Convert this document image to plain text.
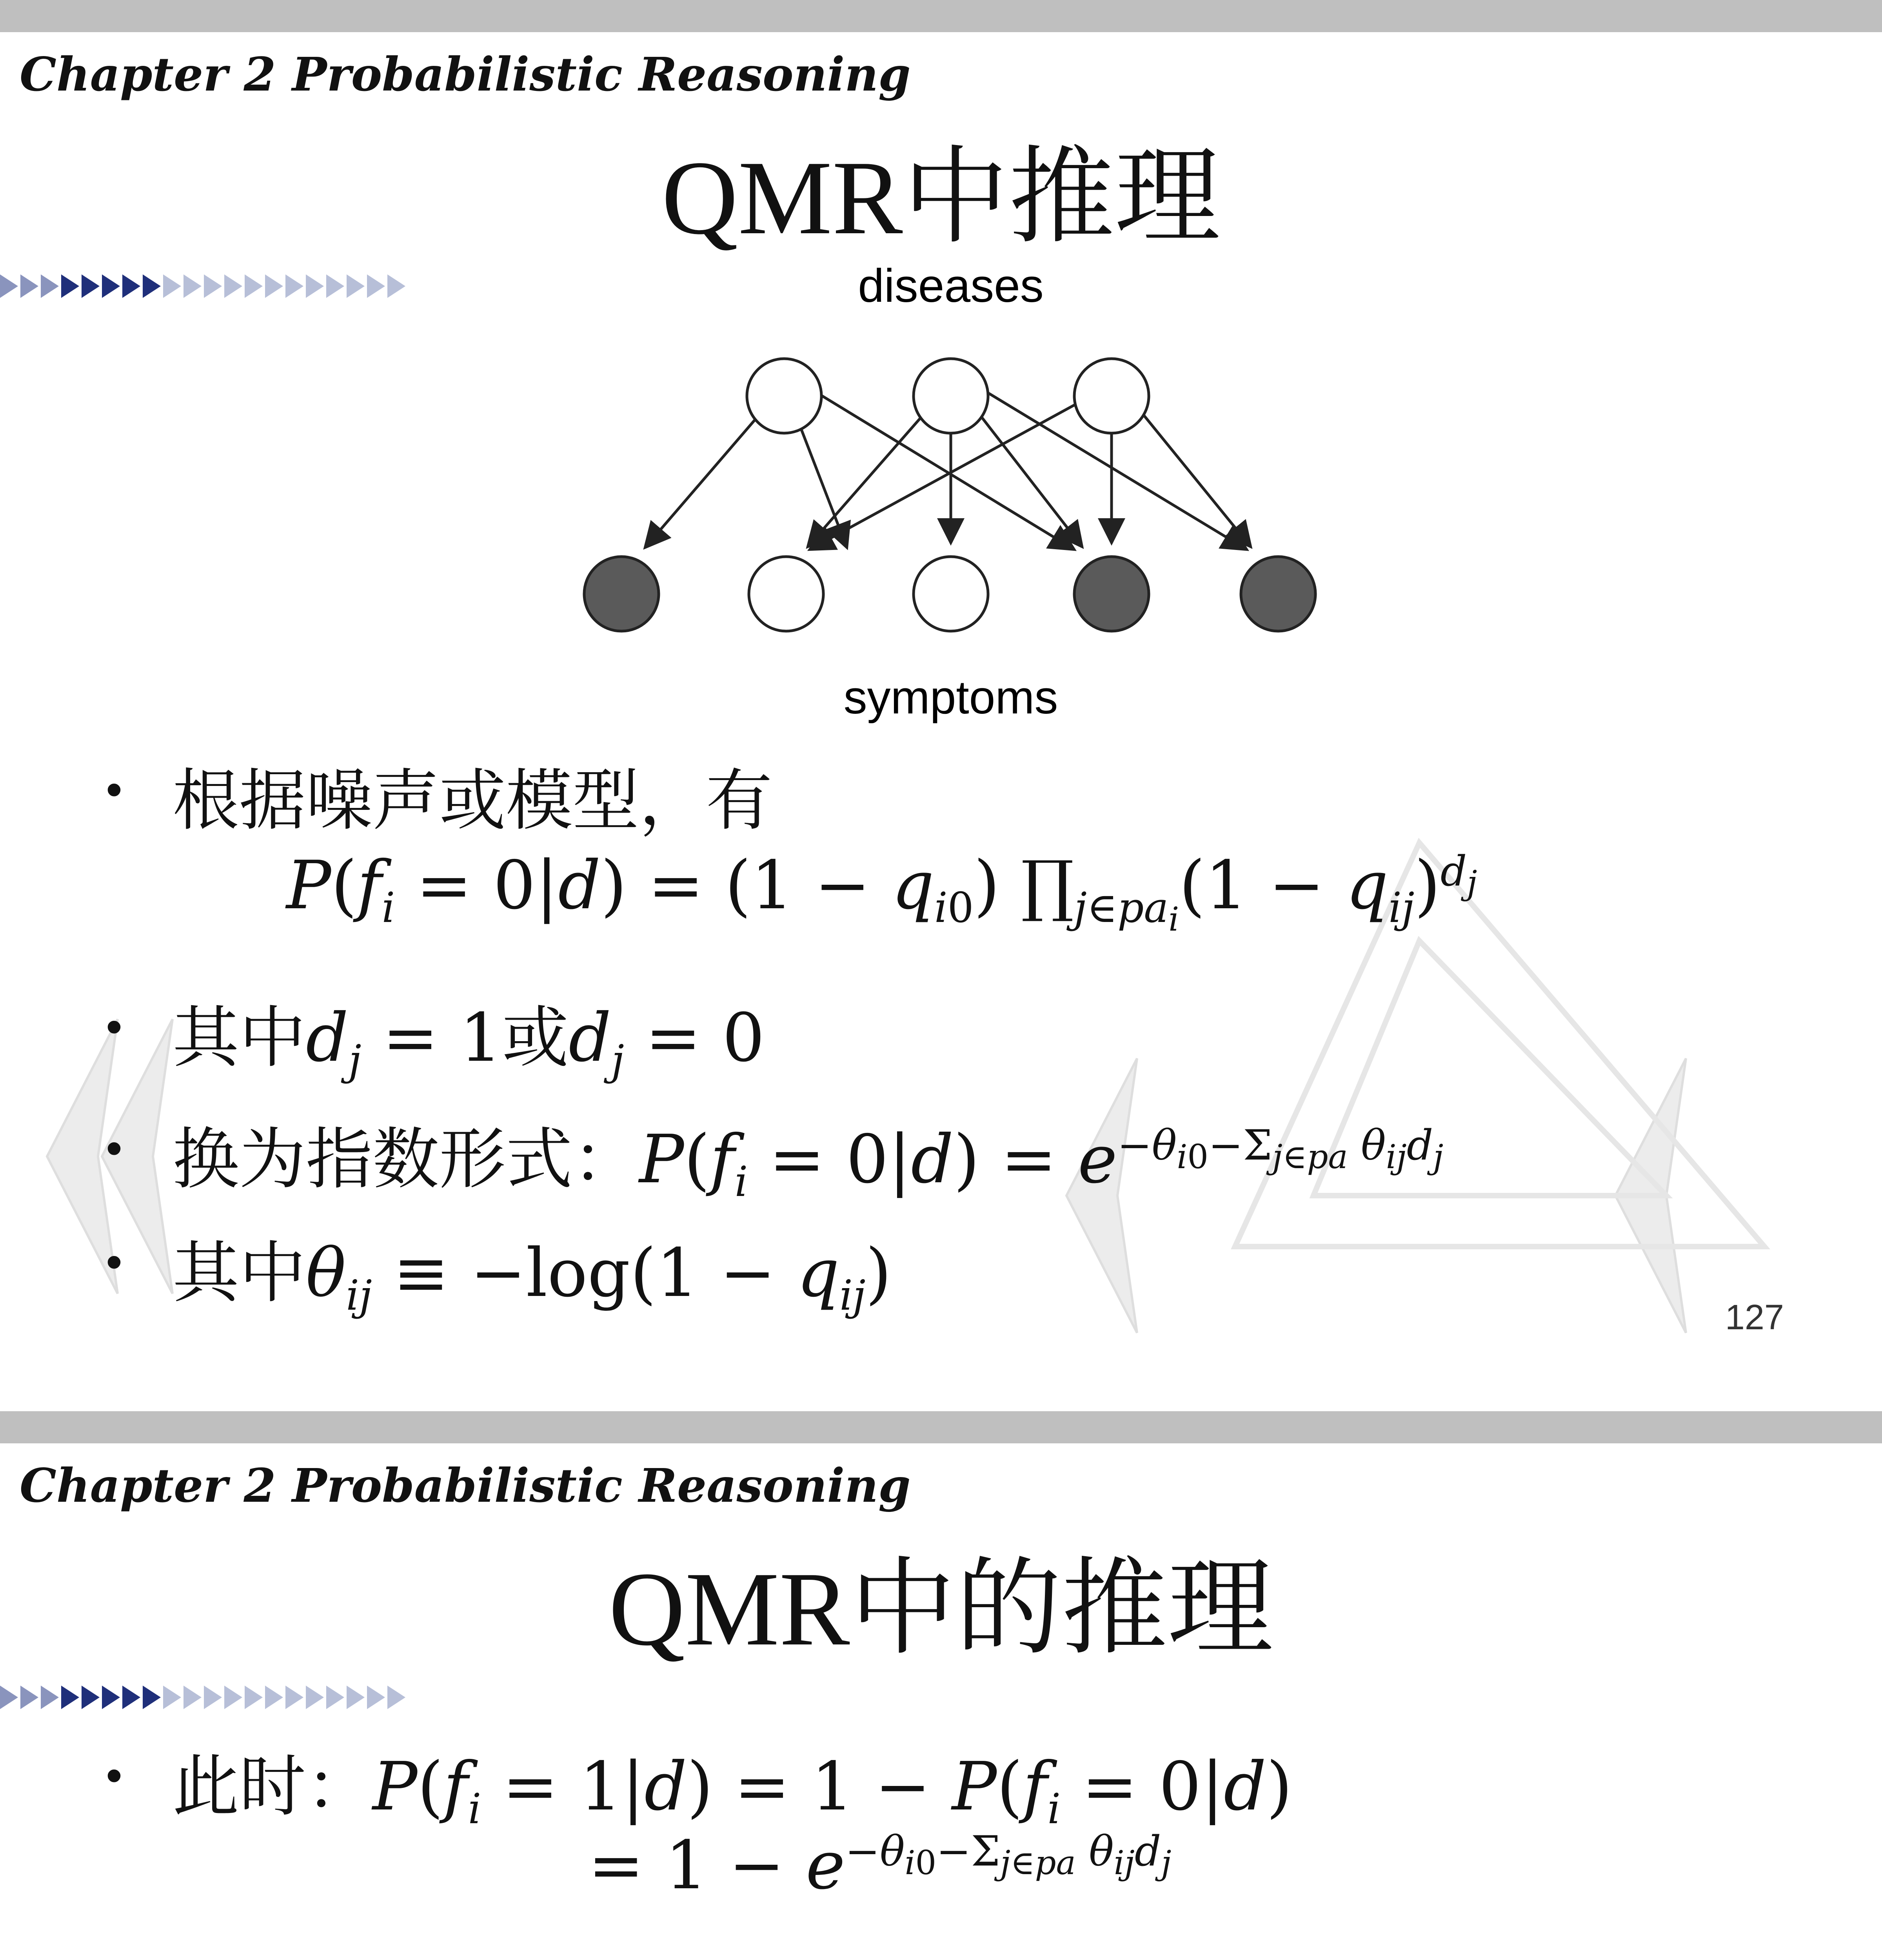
Chapter 2 Probabilistic Reasoning
QMR中推理
diseases
symptoms
• 根据噪声或模型，有
$P(f_i = 0|d) = (1 - q_{i0})$ $\prod_{j\in pa_i}(1 - q_{ij})^{d_j}$
• 其中$d_j = 1$或$d_j = 0$
• 换为指数形式：$P(f_i = 0|d) = e^{-\theta_{i0}-\Sigma_{j\in pa} \theta_{ij}d_j}$
• 其中$\theta_{ij} \equiv -\log(1 - q_{ij})$
127
Chapter 2 Probabilistic Reasoning
QMR中的推理
• 此时：$P(f_i = 1|d) = 1 - P(f_i = 0|d)$
= $1 - e^{-\theta_{i0}-\Sigma_{j\in pa} \theta_{ij}d_j}$
